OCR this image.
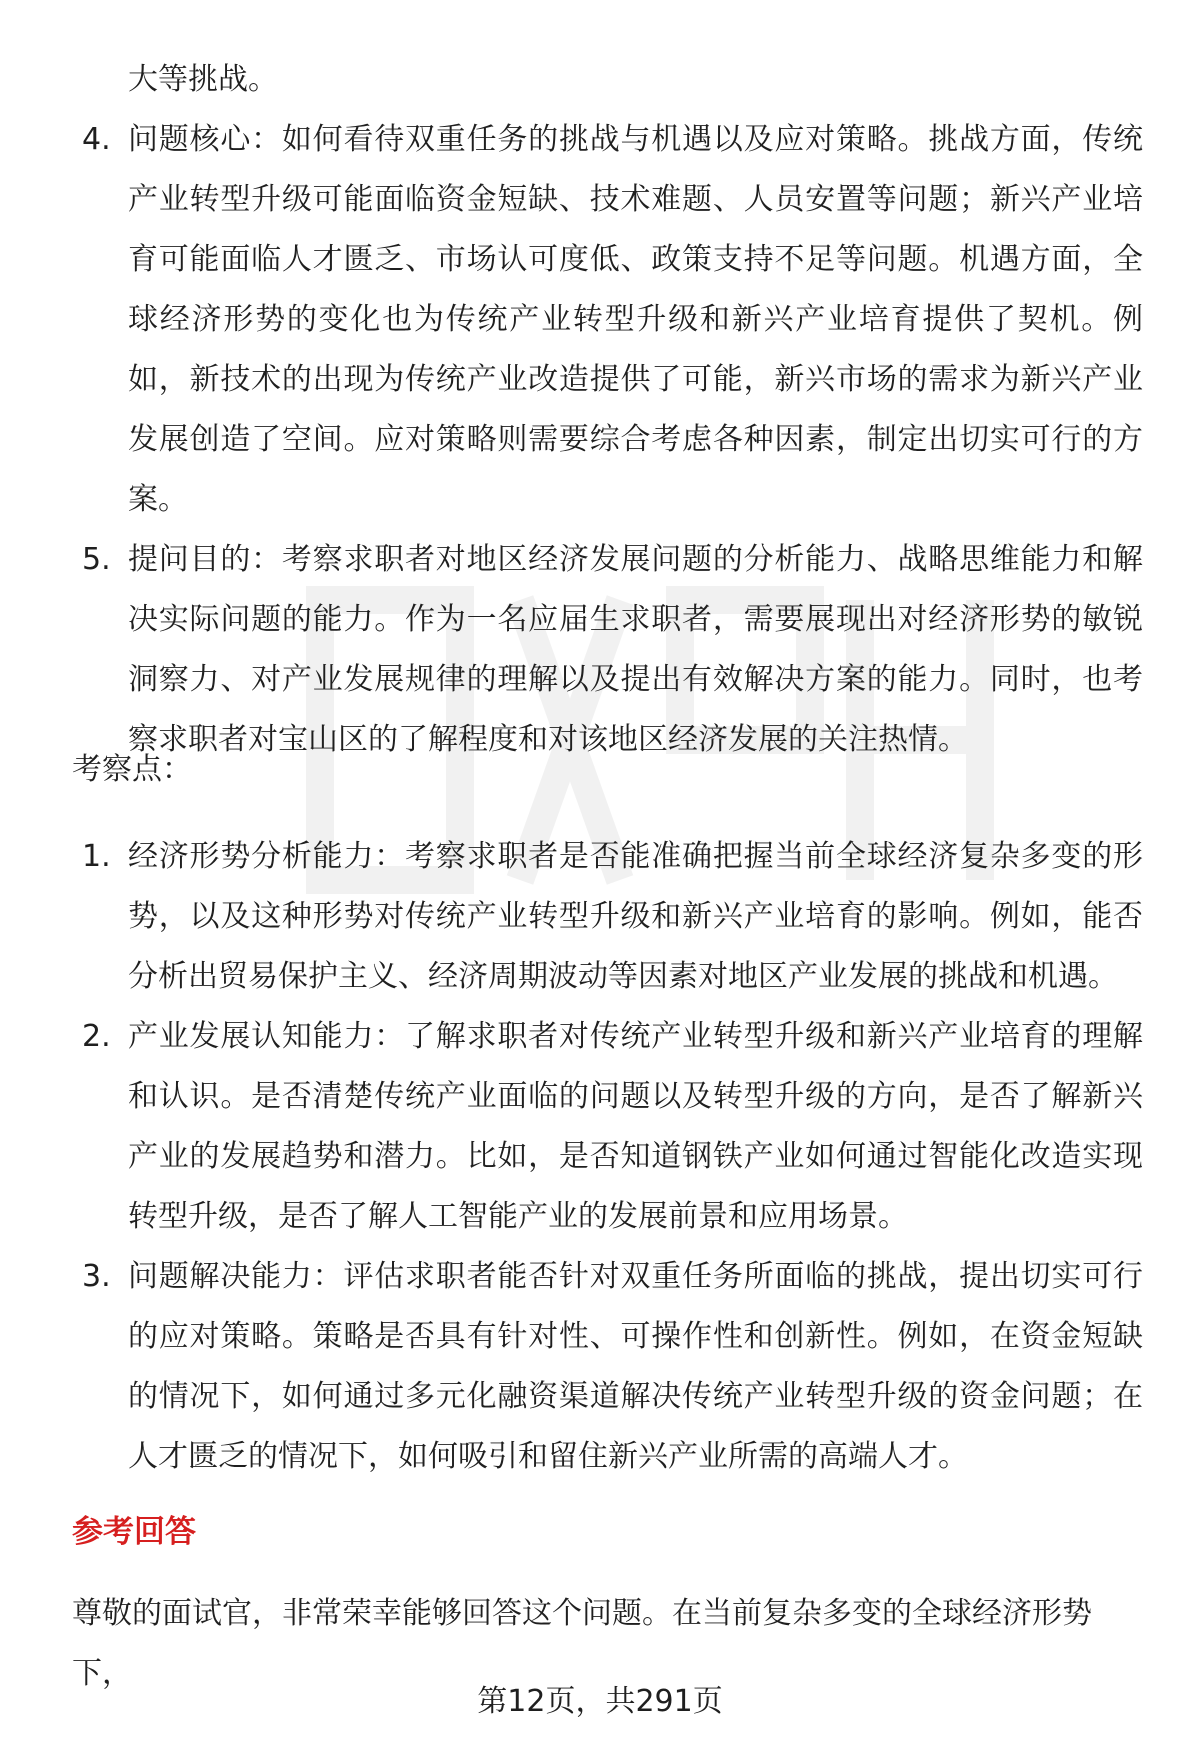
大等挑战。

4. 问题核心：如何看待双重任务的挑战与机遇以及应对策略。挑战方面，传统产业转型升级可能面临资金短缺、技术难题、人员安置等问题；新兴产业培育可能面临人才匮乏、市场认可度低、政策支持不足等问题。机遇方面，全球经济形势的变化也为传统产业转型升级和新兴产业培育提供了契机。例如，新技术的出现为传统产业改造提供了可能，新兴市场的需求为新兴产业发展创造了空间。应对策略则需要综合考虑各种因素，制定出切实可行的方案。
5. 提问目的：考察求职者对地区经济发展问题的分析能力、战略思维能力和解决实际问题的能力。作为一名应届生求职者，需要展现出对经济形势的敏锐洞察力、对产业发展规律的理解以及提出有效解决方案的能力。同时，也考察求职者对宝山区的了解程度和对该地区经济发展的关注热情。

考察点：

1. 经济形势分析能力：考察求职者是否能准确把握当前全球经济复杂多变的形势，以及这种形势对传统产业转型升级和新兴产业培育的影响。例如，能否分析出贸易保护主义、经济周期波动等因素对地区产业发展的挑战和机遇。
2. 产业发展认知能力：了解求职者对传统产业转型升级和新兴产业培育的理解和认识。是否清楚传统产业面临的问题以及转型升级的方向，是否了解新兴产业的发展趋势和潜力。比如，是否知道钢铁产业如何通过智能化改造实现转型升级，是否了解人工智能产业的发展前景和应用场景。
3. 问题解决能力：评估求职者能否针对双重任务所面临的挑战，提出切实可行的应对策略。策略是否具有针对性、可操作性和创新性。例如，在资金短缺的情况下，如何通过多元化融资渠道解决传统产业转型升级的资金问题；在人才匮乏的情况下，如何吸引和留住新兴产业所需的高端人才。
参考回答

尊敬的面试官，非常荣幸能够回答这个问题。在当前复杂多变的全球经济形势下，

第12页，共291页
